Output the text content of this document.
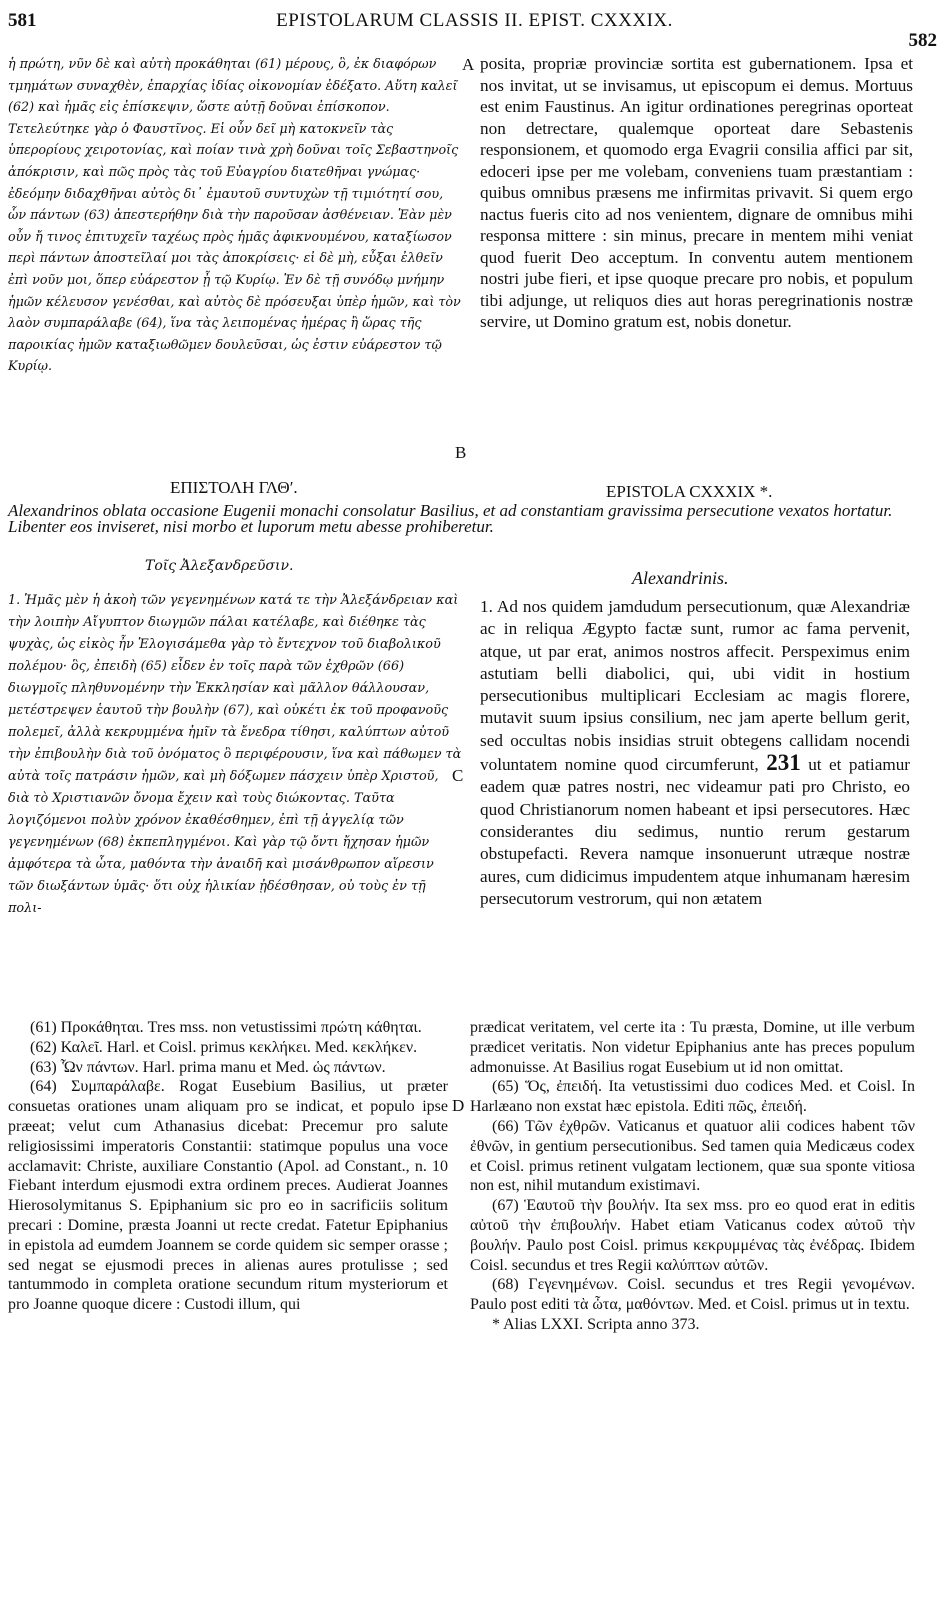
581	EPISTOLARUM CLASSIS II. EPIST. CXXXIX.
582
ἡ πρώτη, νῦν δὲ καὶ αὐτὴ προκάθηται (61) μέρους, ὃ, ἐκ διαφόρων τμημάτων συναχθὲν, ἐπαρχίας ἰδίας οἰκονομίαν ἐδέξατο. Αὕτη καλεῖ (62) καὶ ἡμᾶς εἰς ἐπίσκεψιν, ὥστε αὐτῇ δοῦναι ἐπίσκοπον. Τετελεύτηκε γὰρ ὁ Φαυστῖνος. Εἰ οὖν δεῖ μὴ κατοκνεῖν τὰς ὑπερορίους χειροτονίας, καὶ ποίαν τινὰ χρὴ δοῦναι τοῖς Σεβαστηνοῖς ἀπόκρισιν, καὶ πῶς πρὸς τὰς τοῦ Εὐαγρίου διατεθῆναι γνώμας· ἐδεόμην διδαχθῆναι αὐτὸς δι᾽ ἐμαυτοῦ συντυχὼν τῇ τιμιότητί σου, ὧν πάντων (63) ἀπεστερήθην διὰ τὴν παροῦσαν ἀσθένειαν. Ἐὰν μὲν οὖν ἤ τινος ἐπιτυχεῖν ταχέως πρὸς ἡμᾶς ἀφικνουμένου, καταξίωσον περὶ πάντων ἀποστεῖλαί μοι τὰς ἀποκρίσεις· εἰ δὲ μὴ, εὖξαι ἐλθεῖν ἐπὶ νοῦν μοι, ὅπερ εὐάρεστον ᾖ τῷ Κυρίῳ. Ἐν δὲ τῇ συνόδῳ μνήμην ἡμῶν κέλευσον γενέσθαι, καὶ αὐτὸς δὲ πρόσευξαι ὑπὲρ ἡμῶν, καὶ τὸν λαὸν συμπαράλαβε (64), ἵνα τὰς λειπομένας ἡμέρας ἢ ὥρας τῆς παροικίας ἡμῶν καταξιωθῶμεν δουλεῦσαι, ὡς ἐστιν εὐάρεστον τῷ Κυρίῳ.
posita, propriæ provinciæ sortita est gubernationem. Ipsa et nos invitat, ut se invisamus, ut episcopum ei demus. Mortuus est enim Faustinus. An igitur ordinationes peregrinas oporteat non detrectare, qualemque oporteat dare Sebastenis responsionem, et quomodo erga Evagrii consilia affici par sit, edoceri ipse per me volebam, conveniens tuam præstantiam : quibus omnibus præsens me infirmitas privavit. Si quem ergo nactus fueris cito ad nos venientem, dignare de omnibus mihi responsa mittere : sin minus, precare in mentem mihi veniat quod fuerit Deo acceptum. In conventu autem mentionem nostri jube fieri, et ipse quoque precare pro nobis, et populum tibi adjunge, ut reliquos dies aut horas peregrinationis nostræ servire, ut Domino gratum est, nobis donetur.
A
B
C
D
ΕΠΙΣΤΟΛΗ ΓΛΘʹ.	EPISTOLA CXXXIX *.
Alexandrinos oblata occasione Eugenii monachi consolatur Basilius, et ad constantiam gravissima persecutione vexatos hortatur. Libenter eos inviseret, nisi morbo et luporum metu abesse prohiberetur.
Τοῖς Ἀλεξανδρεῦσιν.
Alexandrinis.
1. Ἡμᾶς μὲν ἡ ἀκοὴ τῶν γεγενημένων κατά τε τὴν Ἀλεξάνδρειαν καὶ τὴν λοιπὴν Αἴγυπτον διωγμῶν πάλαι κατέλαβε, καὶ διέθηκε τὰς ψυχὰς, ὡς εἰκὸς ἦν Ἐλογισάμεθα γὰρ τὸ ἔντεχνον τοῦ διαβολικοῦ πολέμου· ὃς, ἐπειδὴ (65) εἶδεν ἐν τοῖς παρὰ τῶν ἐχθρῶν (66) διωγμοῖς πληθυνομένην τὴν Ἐκκλησίαν καὶ μᾶλλον θάλλουσαν, μετέστρεψεν ἑαυτοῦ τὴν βουλὴν (67), καὶ οὐκέτι ἐκ τοῦ προφανοῦς πολεμεῖ, ἀλλὰ κεκρυμμένα ἡμῖν τὰ ἔνεδρα τίθησι, καλύπτων αὐτοῦ τὴν ἐπιβουλὴν διὰ τοῦ ὀνόματος ὃ περιφέρουσιν, ἵνα καὶ πάθωμεν τὰ αὐτὰ τοῖς πατράσιν ἡμῶν, καὶ μὴ δόξωμεν πάσχειν ὑπὲρ Χριστοῦ, διὰ τὸ Χριστιανῶν ὄνομα ἔχειν καὶ τοὺς διώκοντας. Ταῦτα λογιζόμενοι πολὺν χρόνον ἐκαθέσθημεν, ἐπὶ τῇ ἀγγελίᾳ τῶν γεγενημένων (68) ἐκπεπληγμένοι. Καὶ γὰρ τῷ ὄντι ἤχησαν ἡμῶν ἀμφότερα τὰ ὦτα, μαθόντα τὴν ἀναιδῆ καὶ μισάνθρωπον αἵρεσιν τῶν διωξάντων ὑμᾶς· ὅτι οὐχ ἡλικίαν ᾐδέσθησαν, οὐ τοὺς ἐν τῇ πολι-
1. Ad nos quidem jamdudum persecutionum, quæ Alexandriæ ac in reliqua Ægypto factæ sunt, rumor ac fama pervenit, atque, ut par erat, animos nostros affecit. Perspeximus enim astutiam belli diabolici, qui, ubi vidit in hostium persecutionibus multiplicari Ecclesiam ac magis florere, mutavit suum ipsius consilium, nec jam aperte bellum gerit, sed occultas nobis insidias struit obtegens callidam nocendi voluntatem nomine quod circumferunt, 231 ut et patiamur eadem quæ patres nostri, nec videamur pati pro Christo, eo quod Christianorum nomen habeant et ipsi persecutores. Hæc considerantes diu sedimus, nuntio rerum gestarum obstupefacti. Revera namque insonuerunt utræque nostræ aures, cum didicimus impudentem atque inhumanam hæresim persecutorum vestrorum, qui non ætatem

(61) Προκάθηται. Tres mss. non vetustissimi πρώτη κάθηται.

(62) Καλεῖ. Harl. et Coisl. primus κεκλήκει. Med. κεκλήκεν.

(63) Ὧν πάντων. Harl. prima manu et Med. ὡς πάντων.

(64) Συμπαράλαβε. Rogat Eusebium Basilius, ut præter consuetas orationes unam aliquam pro se indicat, et populo ipse præeat; velut cum Athanasius dicebat: Precemur pro salute religiosissimi imperatoris Constantii: statimque populus una voce acclamavit: Christe, auxiliare Constantio (Apol. ad Constant., n. 10 Fiebant interdum ejusmodi extra ordinem preces. Audierat Joannes Hierosolymitanus S. Epiphanium sic pro eo in sacrificiis solitum precari : Domine, præsta Joanni ut recte credat. Fatetur Epiphanius in epistola ad eumdem Joannem se corde quidem sic semper orasse ; sed negat se ejusmodi preces in alienas aures protulisse ; sed tantummodo in completa oratione secundum ritum mysteriorum et pro Joanne quoque dicere : Custodi illum, qui

prædicat veritatem, vel certe ita : Tu præsta, Domine, ut ille verbum prædicet veritatis. Non videtur Epiphanius ante has preces populum admonuisse. At Basilius rogat Eusebium ut id non omittat.

(65) Ὅς, ἐπειδή. Ita vetustissimi duo codices Med. et Coisl. In Harlæano non exstat hæc epistola. Editi πῶς, ἐπειδή.

(66) Τῶν ἐχθρῶν. Vaticanus et quatuor alii codices habent τῶν ἐθνῶν, in gentium persecutionibus. Sed tamen quia Medicæus codex et Coisl. primus retinent vulgatam lectionem, quæ sua sponte vitiosa non est, nihil mutandum existimavi.

(67) Ἑαυτοῦ τὴν βουλήν. Ita sex mss. pro eo quod erat in editis αὐτοῦ τὴν ἐπιβουλήν. Habet etiam Vaticanus codex αὐτοῦ τὴν βουλήν. Paulo post Coisl. primus κεκρυμμένας τὰς ἐνέδρας. Ibidem Coisl. secundus et tres Regii καλύπτων αὐτῶν.

(68) Γεγενημένων. Coisl. secundus et tres Regii γενομένων. Paulo post editi τὰ ὦτα, μαθόντων. Med. et Coisl. primus ut in textu.

* Alias LXXI. Scripta anno 373.
